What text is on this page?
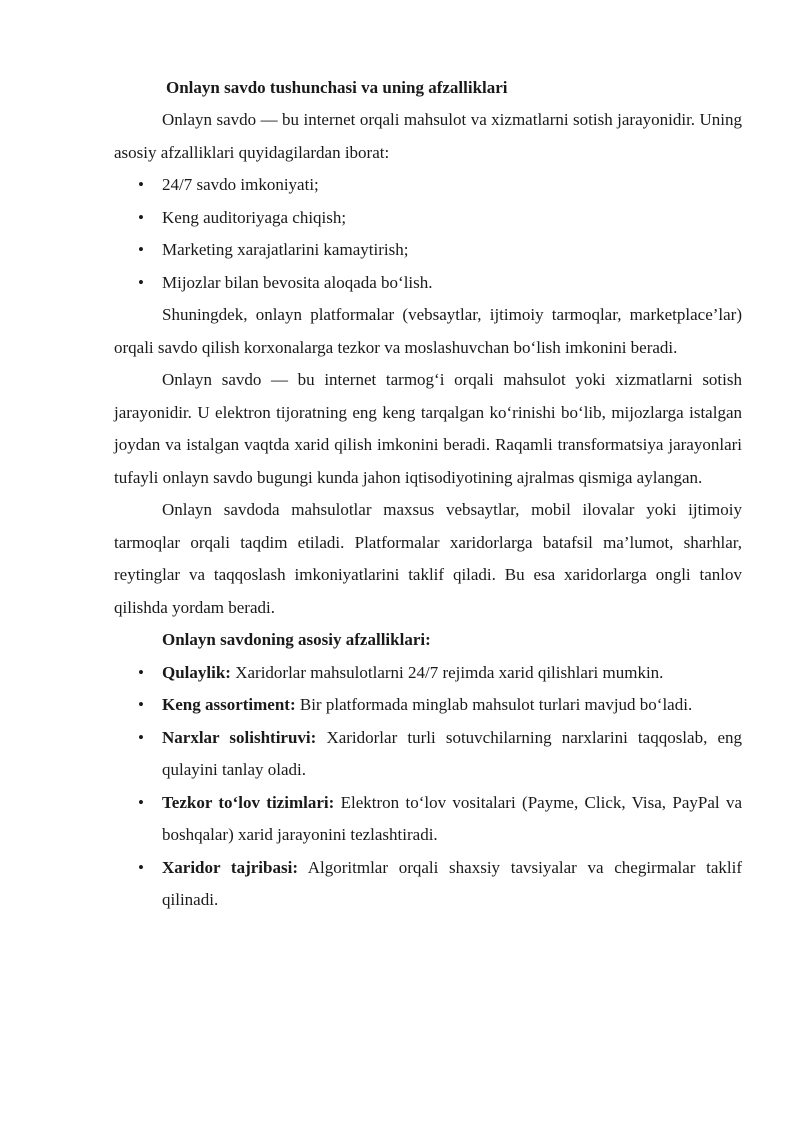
Onlayn savdo tushunchasi va uning afzalliklari

Onlayn savdo — bu internet orqali mahsulot va xizmatlarni sotish jarayonidir. Uning asosiy afzalliklari quyidagilardan iborat:

• 24/7 savdo imkoniyati;
• Keng auditoriyaga chiqish;
• Marketing xarajatlarini kamaytirish;
• Mijozlar bilan bevosita aloqada bo‘lish.

Shuningdek, onlayn platformalar (vebsaytlar, ijtimoiy tarmoqlar, marketplace’lar) orqali savdo qilish korxonalarga tezkor va moslashuvchan bo‘lish imkonini beradi.

Onlayn savdo — bu internet tarmog‘i orqali mahsulot yoki xizmatlarni sotish jarayonidir. U elektron tijoratning eng keng tarqalgan ko‘rinishi bo‘lib, mijozlarga istalgan joydan va istalgan vaqtda xarid qilish imkonini beradi. Raqamli transformatsiya jarayonlari tufayli onlayn savdo bugungi kunda jahon iqtisodiyotining ajralmas qismiga aylangan.

Onlayn savdoda mahsulotlar maxsus vebsaytlar, mobil ilovalar yoki ijtimoiy tarmoqlar orqali taqdim etiladi. Platformalar xaridorlarga batafsil ma’lumot, sharhlar, reytinglar va taqqoslash imkoniyatlarini taklif qiladi. Bu esa xaridorlarga ongli tanlov qilishda yordam beradi.

Onlayn savdoning asosiy afzalliklari:

• Qulaylik: Xaridorlar mahsulotlarni 24/7 rejimda xarid qilishlari mumkin.
• Keng assortiment: Bir platformada minglab mahsulot turlari mavjud bo‘ladi.
• Narxlar solishtiruvi: Xaridorlar turli sotuvchilarning narxlarini taqqoslab, eng qulayini tanlay oladi.
• Tezkor to‘lov tizimlari: Elektron to‘lov vositalari (Payme, Click, Visa, PayPal va boshqalar) xarid jarayonini tezlashtiradi.
• Xaridor tajribasi: Algoritmlar orqali shaxsiy tavsiyalar va chegirmalar taklif qilinadi.
